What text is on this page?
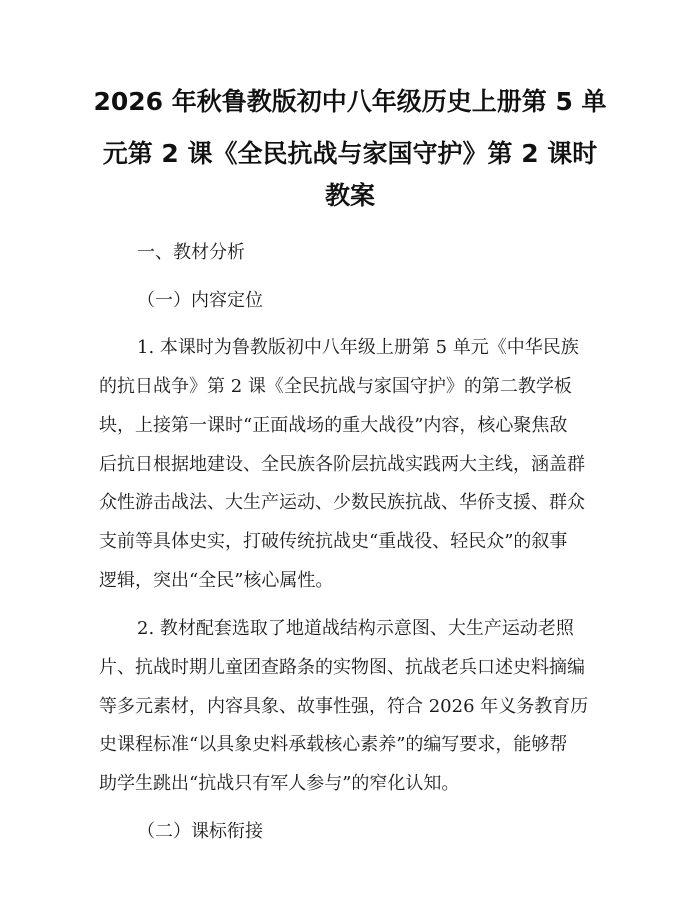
2026 年秋鲁教版初中八年级历史上册第 5 单
元第 2 课《全民抗战与家国守护》第 2 课时
教案
一、教材分析
（一）内容定位
1. 本课时为鲁教版初中八年级上册第 5 单元《中华民族
的抗日战争》第 2 课《全民抗战与家国守护》的第二教学板
块，上接第一课时“正面战场的重大战役”内容，核心聚焦敌
后抗日根据地建设、全民族各阶层抗战实践两大主线，涵盖群
众性游击战法、大生产运动、少数民族抗战、华侨支援、群众
支前等具体史实，打破传统抗战史“重战役、轻民众”的叙事
逻辑，突出“全民”核心属性。
2. 教材配套选取了地道战结构示意图、大生产运动老照
片、抗战时期儿童团查路条的实物图、抗战老兵口述史料摘编
等多元素材，内容具象、故事性强，符合 2026 年义务教育历
史课程标准“以具象史料承载核心素养”的编写要求，能够帮
助学生跳出“抗战只有军人参与”的窄化认知。
（二）课标衔接
